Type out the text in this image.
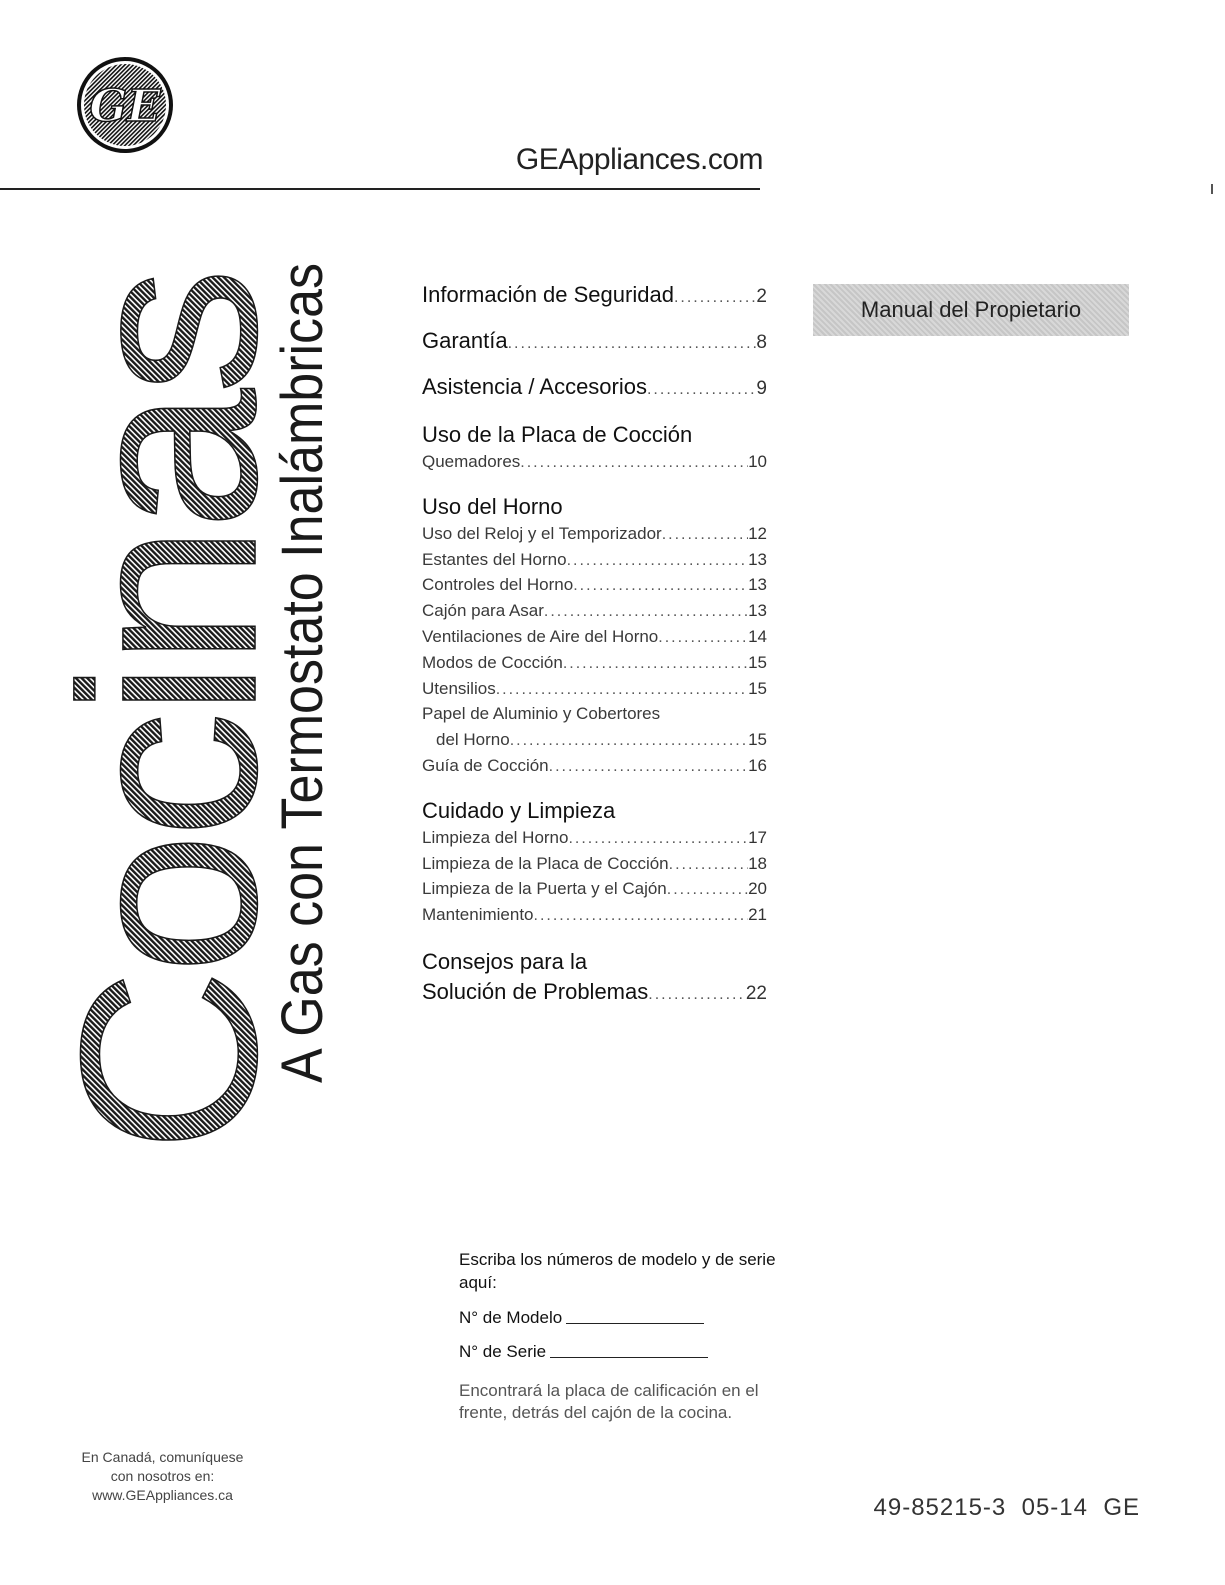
GE
GEAppliances.com
Cocinas
A Gas con Termostato Inalámbricas	Información de Seguridad .....	2
Garantía .....	8
Asistencia / Accesorios .....	9
Uso de la Placa de Cocción
Quemadores .....	10
Uso del Horno
Uso del Reloj y el Temporizador .....	12
Estantes del Horno .....	13
Controles del Horno .....	13
Cajón para Asar .....	13
Ventilaciones de Aire del Horno .....	14
Modos de Cocción .....	15
Utensilios .....	15
Papel de Aluminio y Cobertores
del Horno .....	15
Guía de Cocción .....	16
Cuidado y Limpieza
Limpieza del Horno .....	17
Limpieza de la Placa de Cocción .....	18
Limpieza de la Puerta y el Cajón .....	20
Mantenimiento .....	21
Consejos para la
Solución de Problemas .....	22
Manual del Propietario
Escriba los números de modelo y de serie aquí:
N° de Modelo
N° de Serie
Encontrará la placa de calificación en el frente, detrás del cajón de la cocina.
En Canadá, comuníquese
con nosotros en:
www.GEAppliances.ca	49-85215-3  05-14  GE
